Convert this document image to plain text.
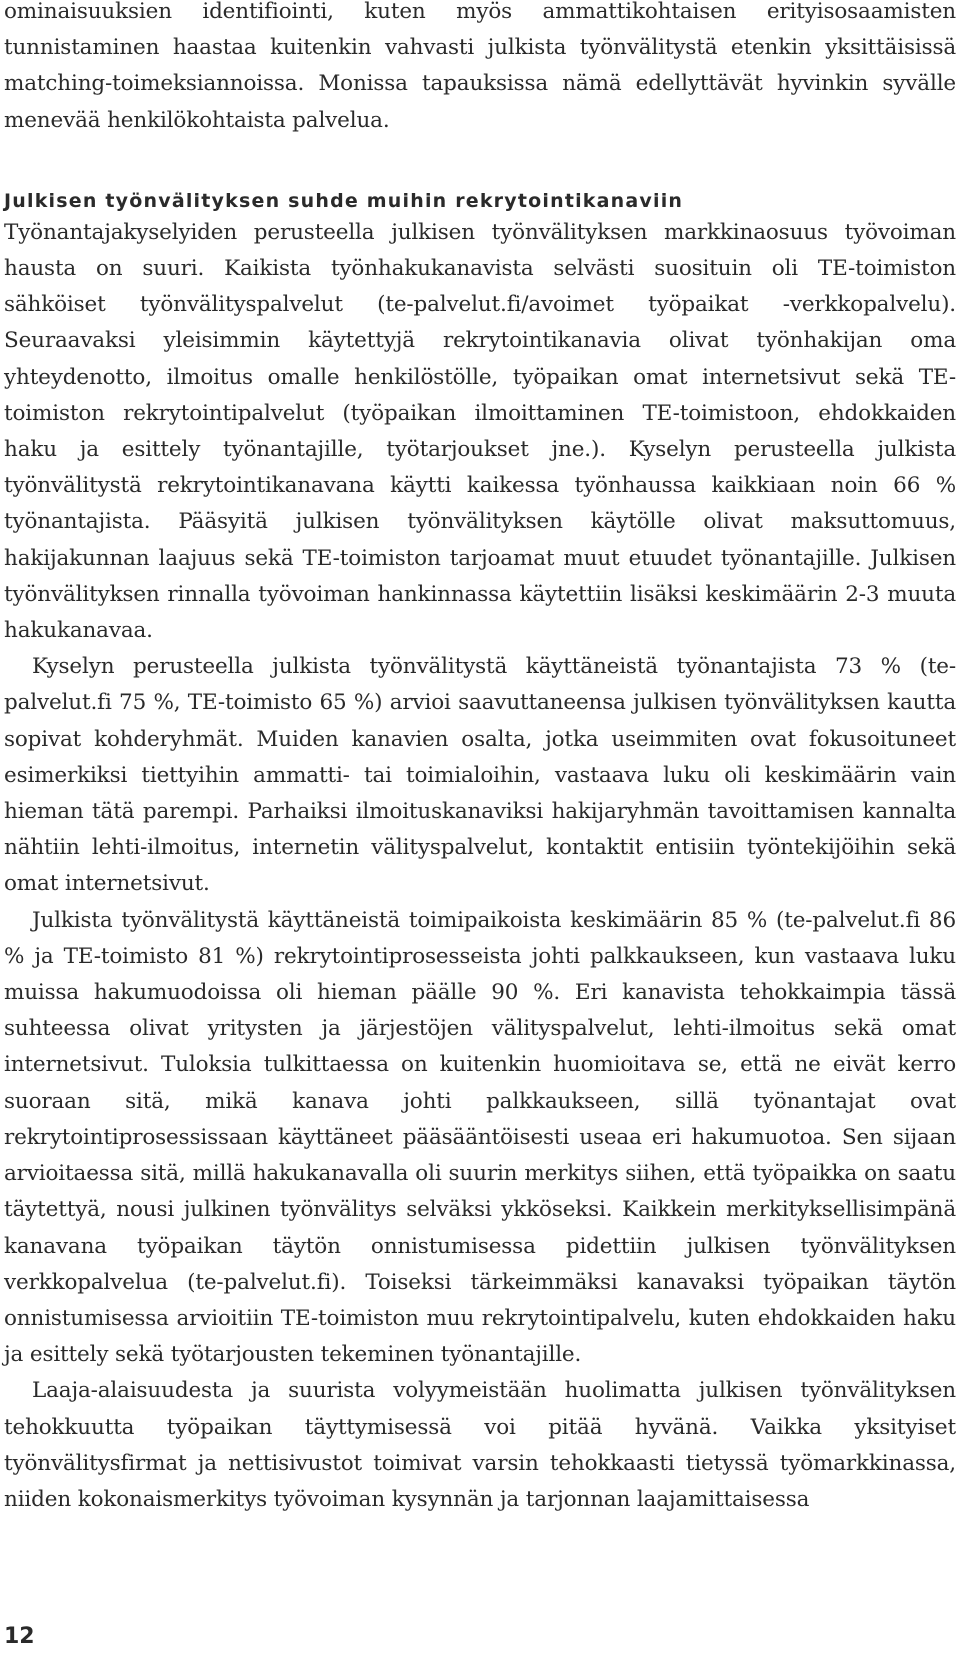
ominaisuuksien identifiointi, kuten myös ammattikohtaisen erityisosaamisten tunnistaminen haastaa kuitenkin vahvasti julkista työnvälitystä etenkin yksittäisissä matching-toimeksiannoissa. Monissa tapauksissa nämä edellyttävät hyvinkin syvälle menevää henkilökohtaista palvelua.

Julkisen työnvälityksen suhde muihin rekrytointikanaviin

Työnantajakyselyiden perusteella julkisen työnvälityksen markkinaosuus työvoiman hausta on suuri. Kaikista työnhakukanavista selvästi suosituin oli TE-toimiston sähköiset työnvälityspalvelut (te-palvelut.fi/avoimet työpaikat -verkkopalvelu). Seuraavaksi yleisimmin käytettyjä rekrytointikanavia olivat työnhakijan oma yhteydenotto, ilmoitus omalle henkilöstölle, työpaikan omat internetsivut sekä TE-toimiston rekrytointipalvelut (työpaikan ilmoittaminen TE-toimistoon, ehdokkaiden haku ja esittely työnantajille, työtarjoukset jne.). Kyselyn perusteella julkista työnvälitystä rekrytointikanavana käytti kaikessa työnhaussa kaikkiaan noin 66 % työnantajista. Pääsyitä julkisen työnvälityksen käytölle olivat maksuttomuus, hakijakunnan laajuus sekä TE-toimiston tarjoamat muut etuudet työnantajille. Julkisen työnvälityksen rinnalla työvoiman hankinnassa käytettiin lisäksi keskimäärin 2-3 muuta hakukanavaa.

Kyselyn perusteella julkista työnvälitystä käyttäneistä työnantajista 73 % (te-palvelut.fi 75 %, TE-toimisto 65 %) arvioi saavuttaneensa julkisen työnvälityksen kautta sopivat kohderyhmät. Muiden kanavien osalta, jotka useimmiten ovat fokusoituneet esimerkiksi tiettyihin ammatti- tai toimialoihin, vastaava luku oli keskimäärin vain hieman tätä parempi. Parhaiksi ilmoituskanaviksi hakijaryhmän tavoittamisen kannalta nähtiin lehti-ilmoitus, internetin välityspalvelut, kontaktit entisiin työntekijöihin sekä omat internetsivut.

Julkista työnvälitystä käyttäneistä toimipaikoista keskimäärin 85 % (te-palvelut.fi 86 % ja TE-toimisto 81 %) rekrytointiprosesseista johti palkkaukseen, kun vastaava luku muissa hakumuodoissa oli hieman päälle 90 %. Eri kanavista tehokkaimpia tässä suhteessa olivat yritysten ja järjestöjen välityspalvelut, lehti-ilmoitus sekä omat internetsivut. Tuloksia tulkittaessa on kuitenkin huomioitava se, että ne eivät kerro suoraan sitä, mikä kanava johti palkkaukseen, sillä työnantajat ovat rekrytointiprosessissaan käyttäneet pääsääntöisesti useaa eri hakumuotoa. Sen sijaan arvioitaessa sitä, millä hakukanavalla oli suurin merkitys siihen, että työpaikka on saatu täytettyä, nousi julkinen työnvälitys selväksi ykköseksi. Kaikkein merkityksellisimpänä kanavana työpaikan täytön onnistumisessa pidettiin julkisen työnvälityksen verkkopalvelua (te-palvelut.fi). Toiseksi tärkeimmäksi kanavaksi työpaikan täytön onnistumisessa arvioitiin TE-toimiston muu rekrytointipalvelu, kuten ehdokkaiden haku ja esittely sekä työtarjousten tekeminen työnantajille.

Laaja-alaisuudesta ja suurista volyymeistään huolimatta julkisen työnvälityksen tehokkuutta työpaikan täyttymisessä voi pitää hyvänä. Vaikka yksityiset työnvälitysfirmat ja nettisivustot toimivat varsin tehokkaasti tietyssä työmarkkinassa, niiden kokonaismerkitys työvoiman kysynnän ja tarjonnan laajamittaisessa

12
